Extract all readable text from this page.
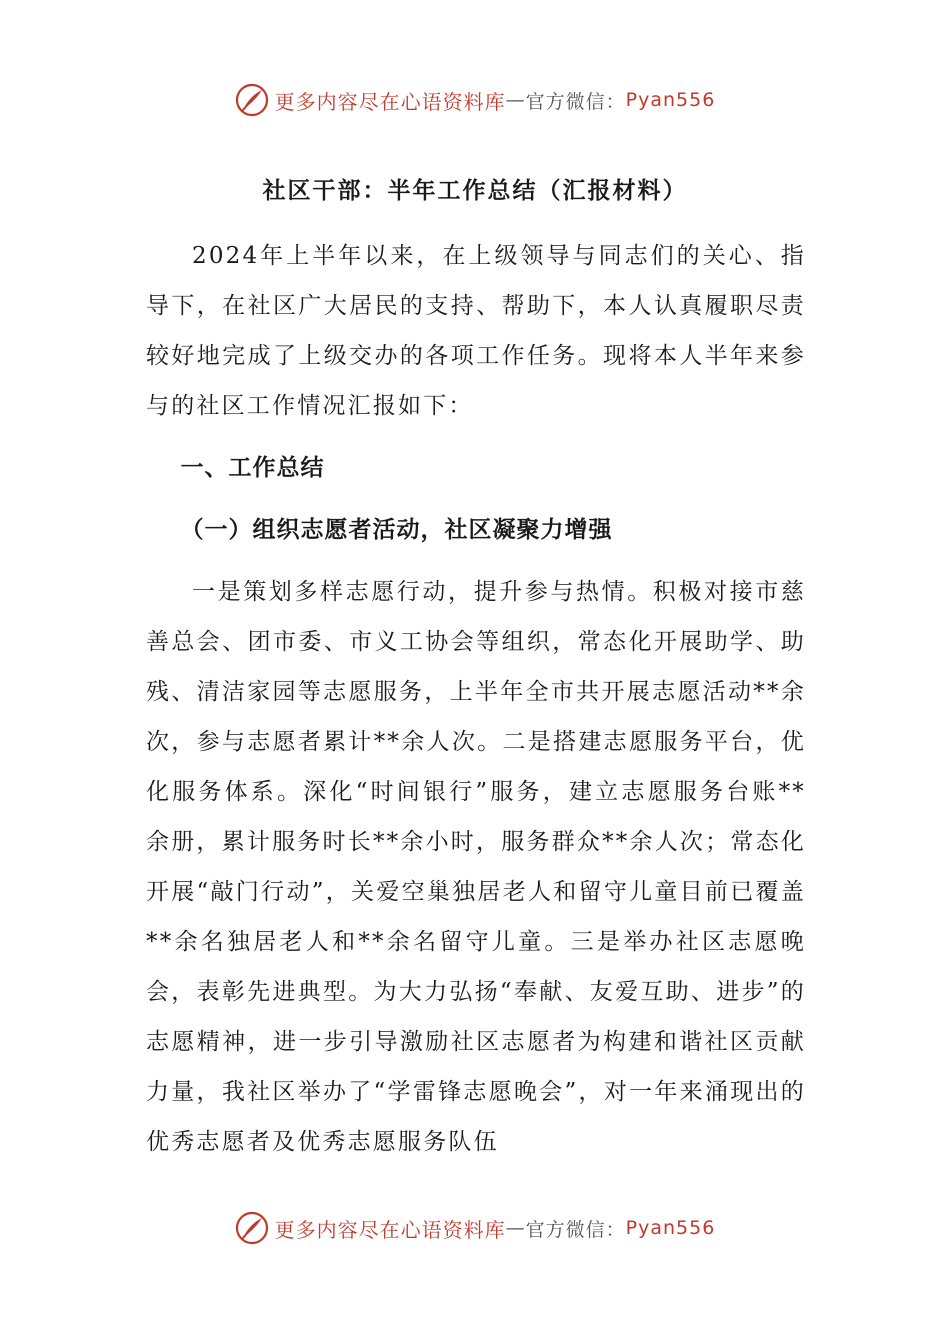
更多内容尽在心语资料库 — 官方微信： Pyan556
社区干部：半年工作总结（汇报材料）

2024年上半年以来，在上级领导与同志们的关心、指导下，在社区广大居民的支持、帮助下，本人认真履职尽责较好地完成了上级交办的各项工作任务。现将本人半年来参与的社区工作情况汇报如下：

一、工作总结

（一）组织志愿者活动，社区凝聚力增强

一是策划多样志愿行动，提升参与热情。积极对接市慈善总会、团市委、市义工协会等组织，常态化开展助学、助残、清洁家园等志愿服务，上半年全市共开展志愿活动**余次，参与志愿者累计**余人次。二是搭建志愿服务平台，优化服务体系。深化“时间银行”服务，建立志愿服务台账**余册，累计服务时长**余小时，服务群众**余人次；常态化开展“敲门行动”，关爱空巢独居老人和留守儿童目前已覆盖**余名独居老人和**余名留守儿童。三是举办社区志愿晚会，表彰先进典型。为大力弘扬“奉献、友爱互助、进步”的志愿精神，进一步引导激励社区志愿者为构建和谐社区贡献力量，我社区举办了“学雷锋志愿晚会”，对一年来涌现出的优秀志愿者及优秀志愿服务队伍

更多内容尽在心语资料库 — 官方微信： Pyan556
